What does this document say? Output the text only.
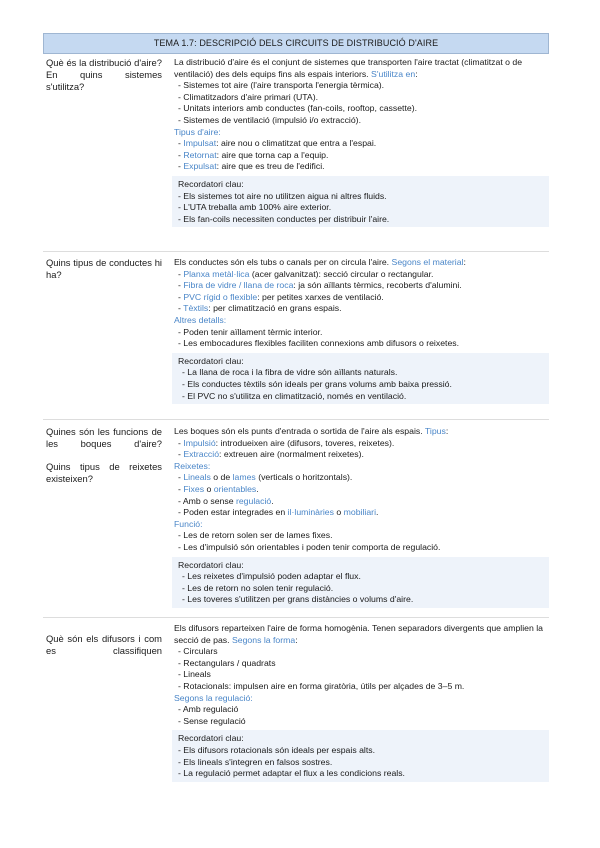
TEMA 1.7: DESCRIPCIÓ DELS CIRCUITS DE DISTRIBUCIÓ D'AIRE

Què és la distribució d'aire?

En quins sistemes s'utilitza?

La distribució d'aire és el conjunt de sistemes que transporten l'aire tractat (climatitzat o de ventilació) des dels equips fins als espais interiors. S'utilitza en:

- Sistemes tot aire (l'aire transporta l'energia tèrmica).

- Climatitzadors d'aire primari (UTA).

- Unitats interiors amb conductes (fan-coils, rooftop, cassette).

- Sistemes de ventilació (impulsió i/o extracció).

Tipus d'aire:

- Impulsat: aire nou o climatitzat que entra a l'espai.

- Retornat: aire que torna cap a l'equip.

- Expulsat: aire que es treu de l'edifici.

Recordatori clau:

- Els sistemes tot aire no utilitzen aigua ni altres fluids.

- L'UTA treballa amb 100% aire exterior.

- Els fan-coils necessiten conductes per distribuir l'aire.

Quins tipus de conductes hi ha?

Els conductes són els tubs o canals per on circula l'aire. Segons el material:

- Planxa metàl·lica (acer galvanitzat): secció circular o rectangular.

- Fibra de vidre / llana de roca: ja són aïllants tèrmics, recoberts d'alumini.

- PVC rígid o flexible: per petites xarxes de ventilació.

- Tèxtils: per climatització en grans espais.

Altres detalls:

- Poden tenir aïllament tèrmic interior.

- Les embocadures flexibles faciliten connexions amb difusors o reixetes.

Recordatori clau:

- La llana de roca i la fibra de vidre són aïllants naturals.

- Els conductes tèxtils són ideals per grans volums amb baixa pressió.

- El PVC no s'utilitza en climatització, només en ventilació.

Quines són les funcions de les boques d'aire?

Quins tipus de reixetes existeixen?

Les boques són els punts d'entrada o sortida de l'aire als espais. Tipus:

- Impulsió: introdueixen aire (difusors, toveres, reixetes).

- Extracció: extreuen aire (normalment reixetes).

Reixetes:

- Lineals o de lames (verticals o horitzontals).

- Fixes o orientables.

- Amb o sense regulació.

- Poden estar integrades en il·luminàries o mobiliari.

Funció:

- Les de retorn solen ser de lames fixes.

- Les d'impulsió són orientables i poden tenir comporta de regulació.

Recordatori clau:

- Les reixetes d'impulsió poden adaptar el flux.

- Les de retorn no solen tenir regulació.

- Les toveres s'utilitzen per grans distàncies o volums d'aire.

Què són els difusors i com es classifiquen

Els difusors reparteixen l'aire de forma homogènia. Tenen separadors divergents que amplien la secció de pas. Segons la forma:

- Circulars

- Rectangulars / quadrats

- Lineals

- Rotacionals: impulsen aire en forma giratòria, útils per alçades de 3–5 m.

Segons la regulació:

- Amb regulació

- Sense regulació

Recordatori clau:

- Els difusors rotacionals són ideals per espais alts.

- Els lineals s'integren en falsos sostres.

- La regulació permet adaptar el flux a les condicions reals.
